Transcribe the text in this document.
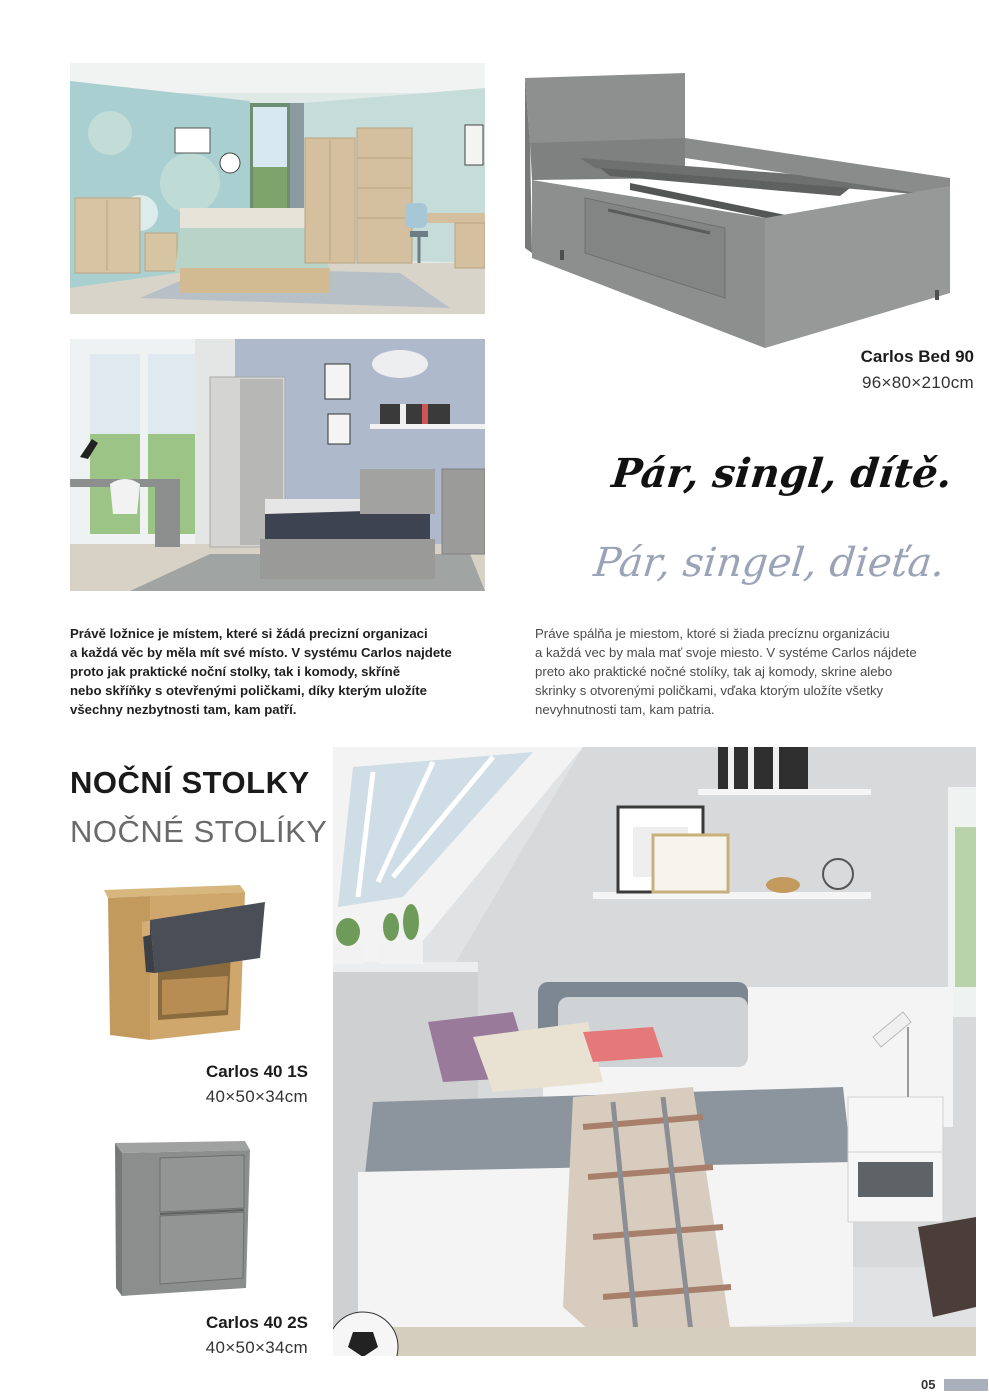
Carlos Bed 90
96×80×210cm
Pár, singl, dítě.
Pár, singel, dieťa.
Právě ložnice je místem, které si žádá precizní organizaci
a každá věc by měla mít své místo. V systému Carlos najdete
proto jak praktické noční stolky, tak i komody, skříně
nebo skříňky s otevřenými poličkami, díky kterým uložíte
všechny nezbytnosti tam, kam patří.
Práve spálňa je miestom, ktoré si žiada precíznu organizáciu
a každá vec by mala mať svoje miesto. V systéme Carlos nájdete
preto ako praktické nočné stolíky, tak aj komody, skrine alebo
skrinky s otvorenými poličkami, vďaka ktorým uložíte všetky
nevyhnutnosti tam, kam patria.
NOČNÍ STOLKY
NOČNÉ STOLÍKY
Carlos 40 1S
40×50×34cm
Carlos 40 2S
40×50×34cm
05
